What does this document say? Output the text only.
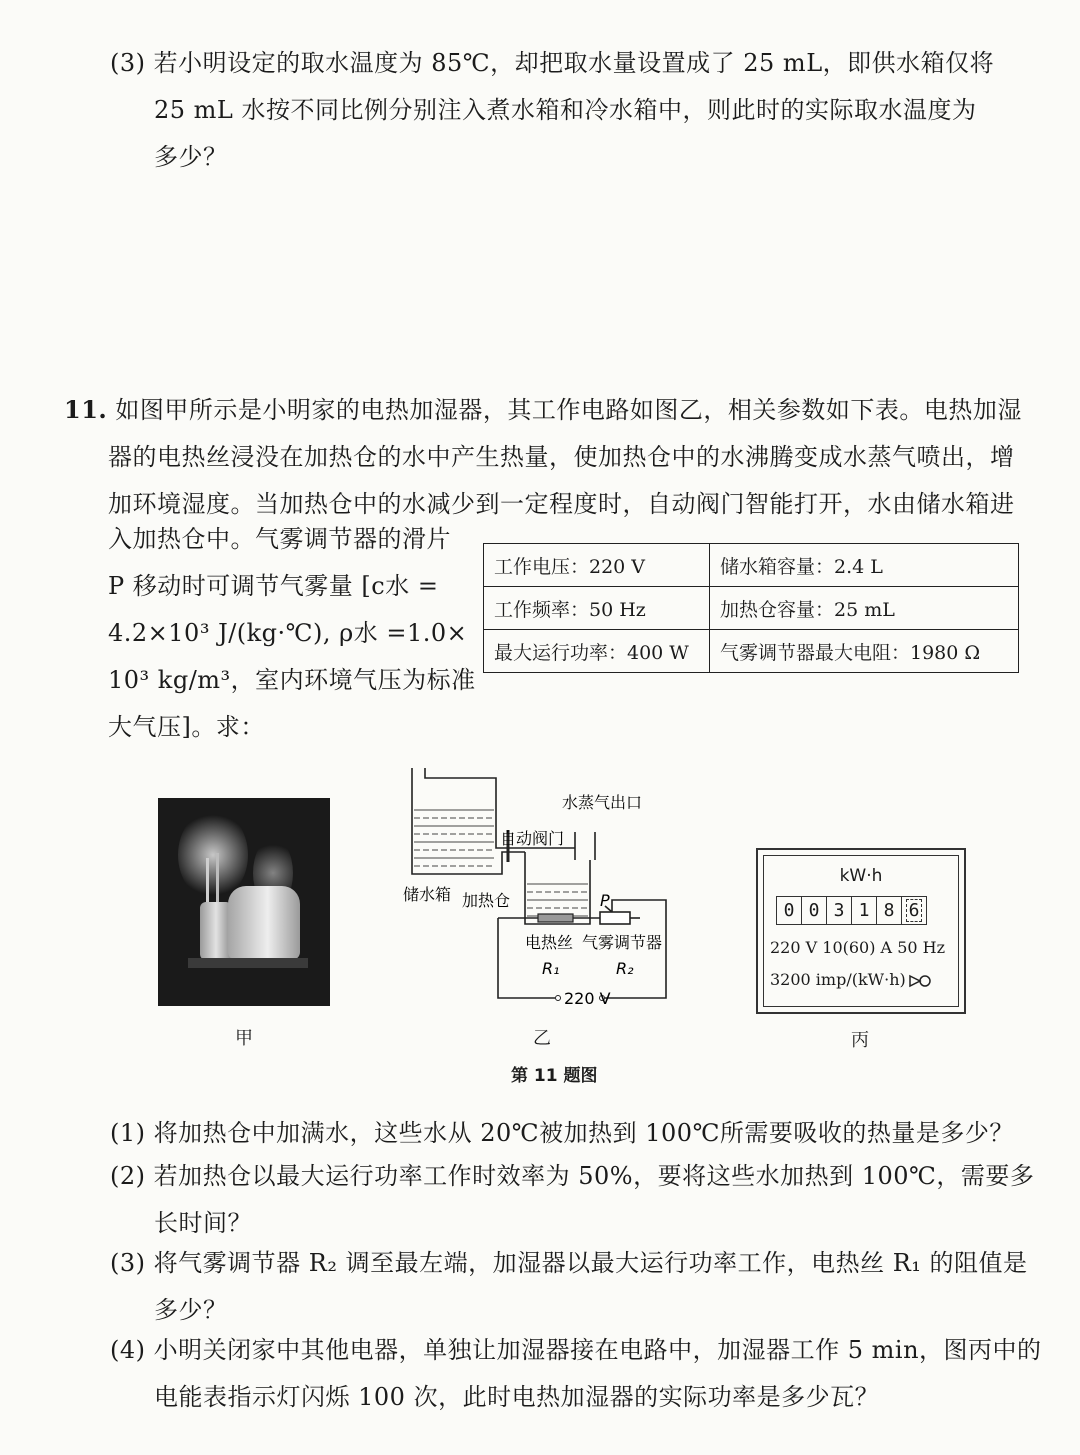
(3) 若小明设定的取水温度为 85℃，却把取水量设置成了 25 mL，即供水箱仅将
25 mL 水按不同比例分别注入煮水箱和冷水箱中，则此时的实际取水温度为
多少？
11. 如图甲所示是小明家的电热加湿器，其工作电路如图乙，相关参数如下表。电热加湿
器的电热丝浸没在加热仓的水中产生热量，使加热仓中的水沸腾变成水蒸气喷出，增
加环境湿度。当加热仓中的水减少到一定程度时，自动阀门智能打开，水由储水箱进
入加热仓中。气雾调节器的滑片
P 移动时可调节气雾量 [c水 =
4.2×10³ J/(kg·℃), ρ水 =1.0×
10³ kg/m³，室内环境气压为标准
大气压]。求：
工作电压：220 V	储水箱容量：2.4 L
工作频率：50 Hz	加热仓容量：25 mL
最大运行功率：400 W	气雾调节器最大电阻：1980 Ω
甲
水蒸气出口
自动阀门
储水箱 加热仓	P
电热丝 气雾调节器
R₁	R₂
220 V
乙
kW·h
0 0 3 1 8 6
220 V 10(60) A 50 Hz
3200 imp/(kW·h)
丙
第 11 题图
(1) 将加热仓中加满水，这些水从 20℃被加热到 100℃所需要吸收的热量是多少？
(2) 若加热仓以最大运行功率工作时效率为 50%，要将这些水加热到 100℃，需要多
长时间？
(3) 将气雾调节器 R₂ 调至最左端，加湿器以最大运行功率工作，电热丝 R₁ 的阻值是
多少？
(4) 小明关闭家中其他电器，单独让加湿器接在电路中，加湿器工作 5 min，图丙中的
电能表指示灯闪烁 100 次，此时电热加湿器的实际功率是多少瓦？
